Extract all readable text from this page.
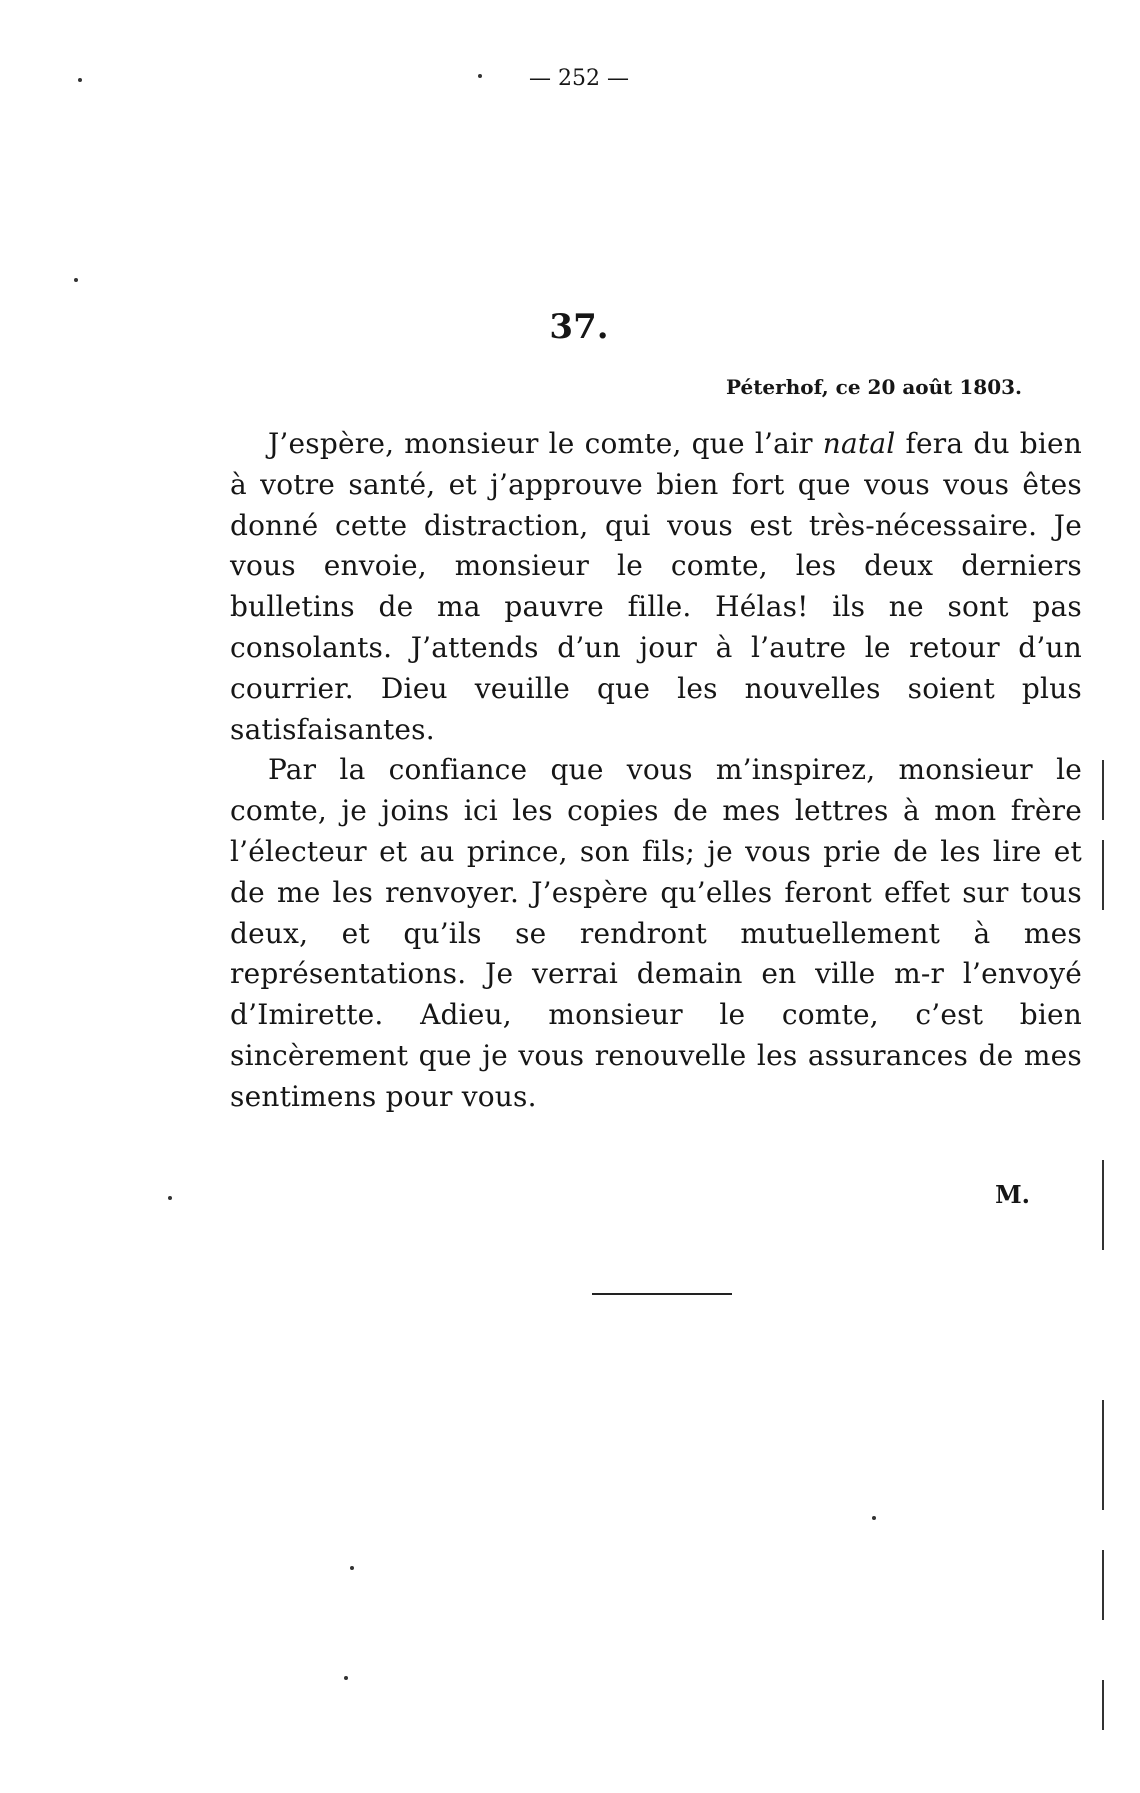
— 252 —
37.
Péterhof, ce 20 août 1803.

J’espère, monsieur le comte, que l’air natal fera du bien à votre santé, et j’approuve bien fort que vous vous êtes donné cette distraction, qui vous est très-nécessaire. Je vous envoie, monsieur le comte, les deux derniers bulletins de ma pauvre fille. Hélas! ils ne sont pas consolants. J’attends d’un jour à l’autre le retour d’un courrier. Dieu veuille que les nouvelles soient plus satisfaisantes.

Par la confiance que vous m’inspirez, monsieur le comte, je joins ici les copies de mes lettres à mon frère l’électeur et au prince, son fils; je vous prie de les lire et de me les renvoyer. J’espère qu’elles feront effet sur tous deux, et qu’ils se rendront mutuellement à mes représentations. Je verrai demain en ville m-r l’envoyé d’Imirette. Adieu, monsieur le comte, c’est bien sincèrement que je vous renouvelle les assurances de mes sentimens pour vous.

M.
